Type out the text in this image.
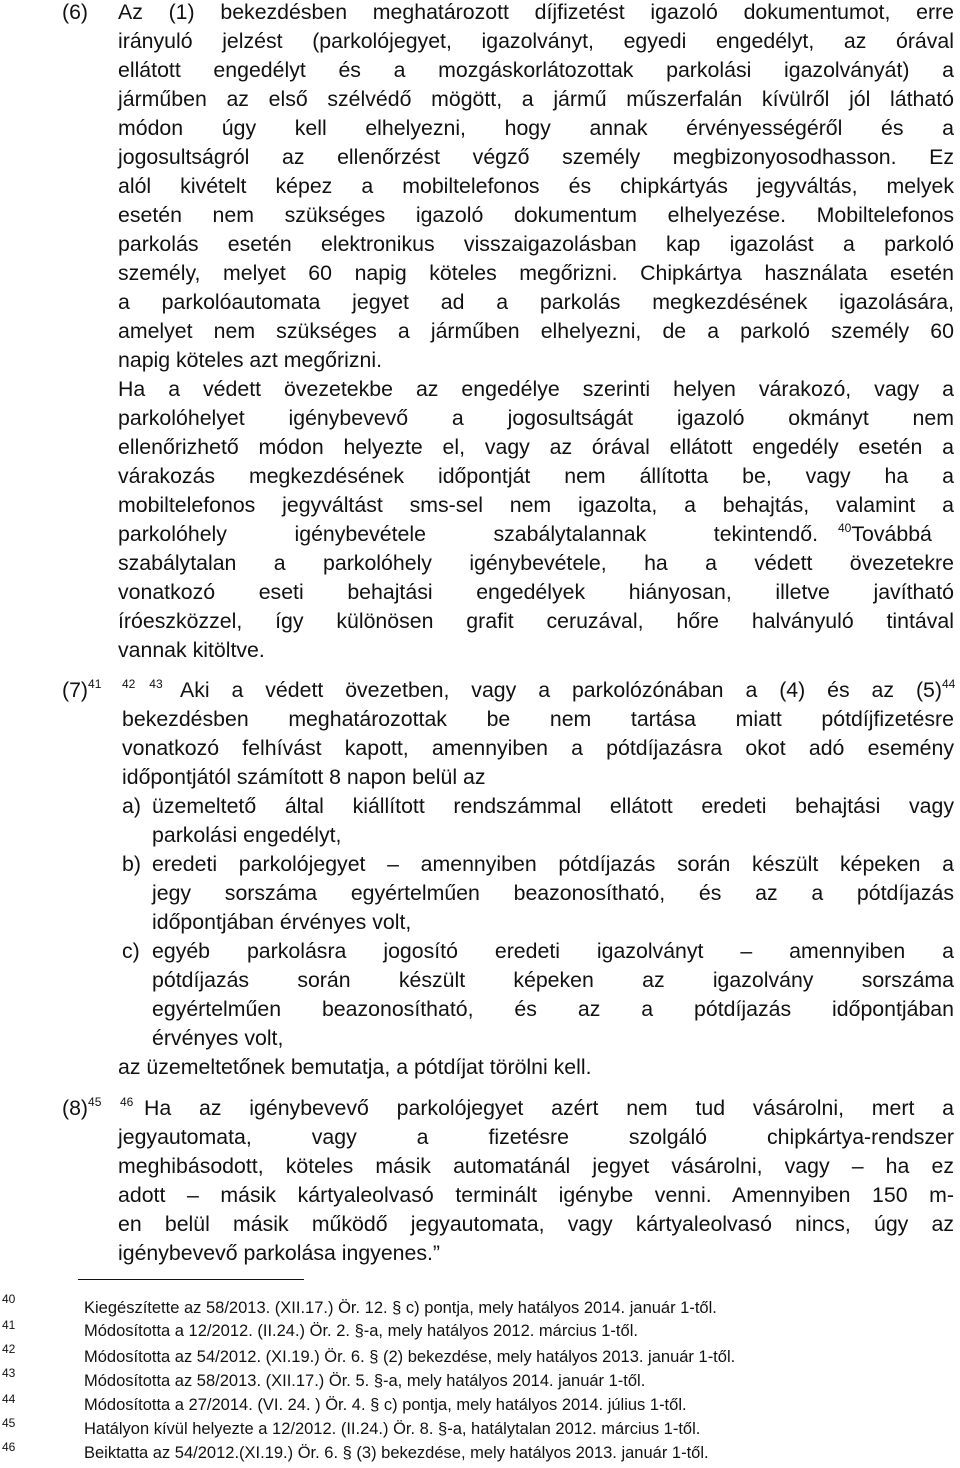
(6) Az (1) bekezdésben meghatározott díjfizetést igazoló dokumentumot, erre
irányuló jelzést (parkolójegyet, igazolványt, egyedi engedélyt, az órával
ellátott engedélyt és a mozgáskorlátozottak parkolási igazolványát) a
járműben az első szélvédő mögött, a jármű műszerfalán kívülről jól látható
módon úgy kell elhelyezni, hogy annak érvényességéről és a
jogosultságról az ellenőrzést végző személy megbizonyosodhasson. Ez
alól kivételt képez a mobiltelefonos és chipkártyás jegyváltás, melyek
esetén nem szükséges igazoló dokumentum elhelyezése. Mobiltelefonos
parkolás esetén elektronikus visszaigazolásban kap igazolást a parkoló
személy, melyet 60 napig köteles megőrizni. Chipkártya használata esetén
a parkolóautomata jegyet ad a parkolás megkezdésének igazolására,
amelyet nem szükséges a járműben elhelyezni, de a parkoló személy 60
napig köteles azt megőrizni.
Ha a védett övezetekbe az engedélye szerinti helyen várakozó, vagy a
parkolóhelyet igénybevevő a jogosultságát igazoló okmányt nem
ellenőrizhető módon helyezte el, vagy az órával ellátott engedély esetén a
várakozás megkezdésének időpontját nem állította be, vagy ha a
mobiltelefonos jegyváltást sms-sel nem igazolta, a behajtás, valamint a
parkolóhely igénybevétele szabálytalannak tekintendő. $^{40}$Továbbá
szabálytalan a parkolóhely igénybevétele, ha a védett övezetekre
vonatkozó eseti behajtási engedélyek hiányosan, illetve javítható
íróeszközzel, így különösen grafit ceruzával, hőre halványuló tintával
vannak kitöltve.
(7)$^{41}$ $^{42}$ $^{43}$ Aki a védett övezetben, vagy a parkolózónában a (4) és az (5) $^{44}$
bekezdésben meghatározottak be nem tartása miatt pótdíjfizetésre
vonatkozó felhívást kapott, amennyiben a pótdíjazásra okot adó esemény
időpontjától számított 8 napon belül az
a) üzemeltető által kiállított rendszámmal ellátott eredeti behajtási vagy
parkolási engedélyt,
b) eredeti parkolójegyet – amennyiben pótdíjazás során készült képeken a
jegy sorszáma egyértelműen beazonosítható, és az a pótdíjazás
időpontjában érvényes volt,
c) egyéb parkolásra jogosító eredeti igazolványt – amennyiben a
pótdíjazás során készült képeken az igazolvány sorszáma
egyértelműen beazonosítható, és az a pótdíjazás időpontjában
érvényes volt,
az üzemeltetőnek bemutatja, a pótdíjat törölni kell.
(8)$^{45}$ $^{46}$ Ha az igénybevevő parkolójegyet azért nem tud vásárolni, mert a
jegyautomata, vagy a fizetésre szolgáló chipkártya-rendszer
meghibásodott, köteles másik automatánál jegyet vásárolni, vagy – ha ez
adott – másik kártyaleolvasó terminált igénybe venni. Amennyiben 150 m-
en belül másik működő jegyautomata, vagy kártyaleolvasó nincs, úgy az
igénybevevő parkolása ingyenes.”
40	Kiegészítette az 58/2013. (XII.17.) Ör. 12. § c) pontja, mely hatályos 2014. január 1-től.
41	Módosította a 12/2012. (II.24.) Ör. 2. §-a, mely hatályos 2012. március 1-től.
42	Módosította az 54/2012. (XI.19.) Ör. 6. § (2) bekezdése, mely hatályos 2013. január 1-től.
43	Módosította az 58/2013. (XII.17.) Ör. 5. §-a, mely hatályos 2014. január 1-től.
44	Módosította a 27/2014. (VI. 24. ) Ör. 4. § c) pontja, mely hatályos 2014. július 1-től.
45	Hatályon kívül helyezte a 12/2012. (II.24.) Ör. 8. §-a, hatálytalan 2012. március 1-től.
46	Beiktatta az 54/2012.(XI.19.) Ör. 6. § (3) bekezdése, mely hatályos 2013. január 1-től.
